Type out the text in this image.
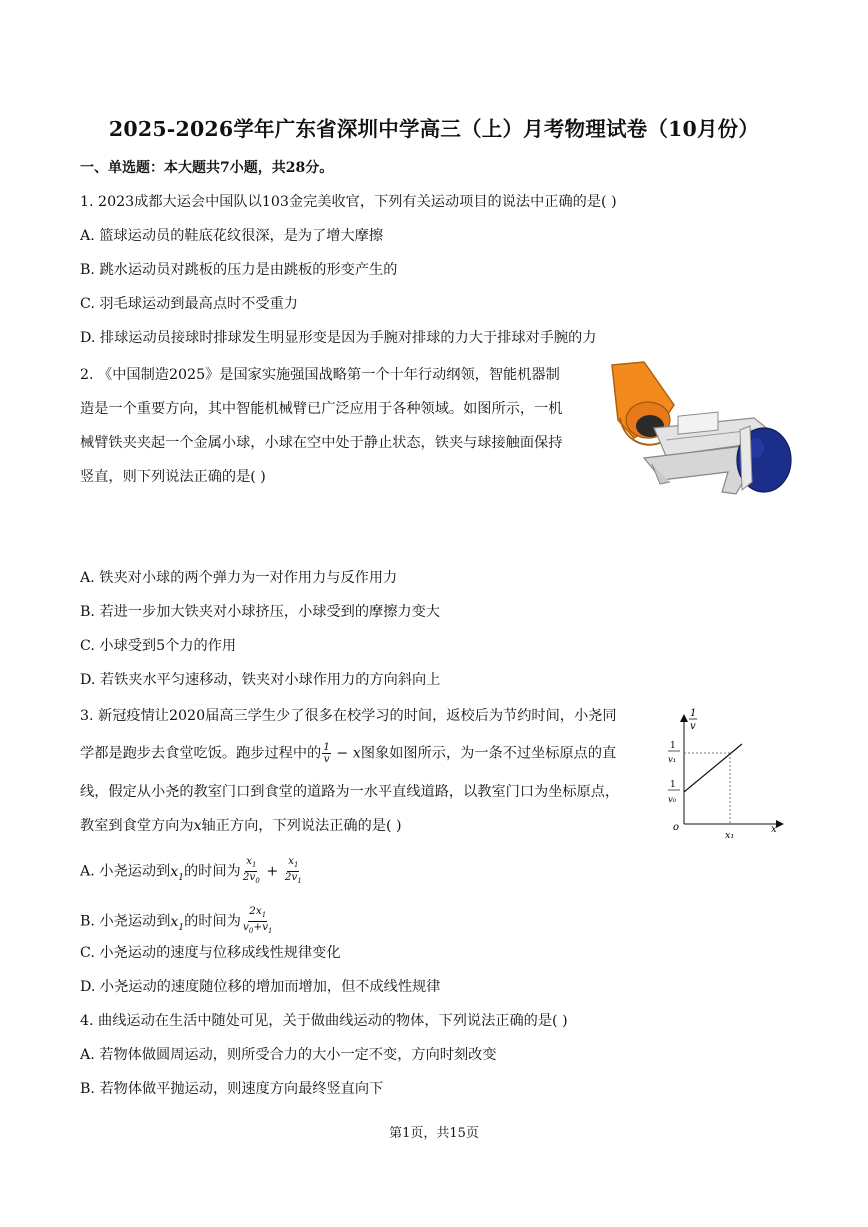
2025-2026学年广东省深圳中学高三（上）月考物理试卷（10月份）
一、单选题：本大题共7小题，共28分。
1. 2023成都大运会中国队以103金完美收官，下列有关运动项目的说法中正确的是( )
A. 篮球运动员的鞋底花纹很深，是为了增大摩擦
B. 跳水运动员对跳板的压力是由跳板的形变产生的
C. 羽毛球运动到最高点时不受重力
D. 排球运动员接球时排球发生明显形变是因为手腕对排球的力大于排球对手腕的力
2. 《中国制造2025》是国家实施强国战略第一个十年行动纲领，智能机器制
造是一个重要方向，其中智能机械臂已广泛应用于各种领域。如图所示，一机
械臂铁夹夹起一个金属小球，小球在空中处于静止状态，铁夹与球接触面保持
竖直，则下列说法正确的是( )
A. 铁夹对小球的两个弹力为一对作用力与反作用力
B. 若进一步加大铁夹对小球挤压，小球受到的摩擦力变大
C. 小球受到5个力的作用
D. 若铁夹水平匀速移动，铁夹对小球作用力的方向斜向上
3. 新冠疫情让2020届高三学生少了很多在校学习的时间，返校后为节约时间，小尧同
学都是跑步去食堂吃饭。跑步过程中的 $\frac{1}{v} - x$图象如图所示，为一条不过坐标原点的直
线，假定从小尧的教室门口到食堂的道路为一水平直线道路，以教室门口为坐标原点，
教室到食堂方向为x轴正方向，下列说法正确的是( )
1
v
1
v₁
1
v₀
o
x₁
x
A. 小尧运动到$x_1$的时间为 $\frac{x_1}{2v_0} + \frac{x_1}{2v_1}$
B. 小尧运动到$x_1$的时间为 $\frac{2x_1}{v_0+v_1}$
C. 小尧运动的速度与位移成线性规律变化
D. 小尧运动的速度随位移的增加而增加，但不成线性规律
4. 曲线运动在生活中随处可见，关于做曲线运动的物体，下列说法正确的是( )
A. 若物体做圆周运动，则所受合力的大小一定不变，方向时刻改变
B. 若物体做平抛运动，则速度方向最终竖直向下
第1页，共15页
